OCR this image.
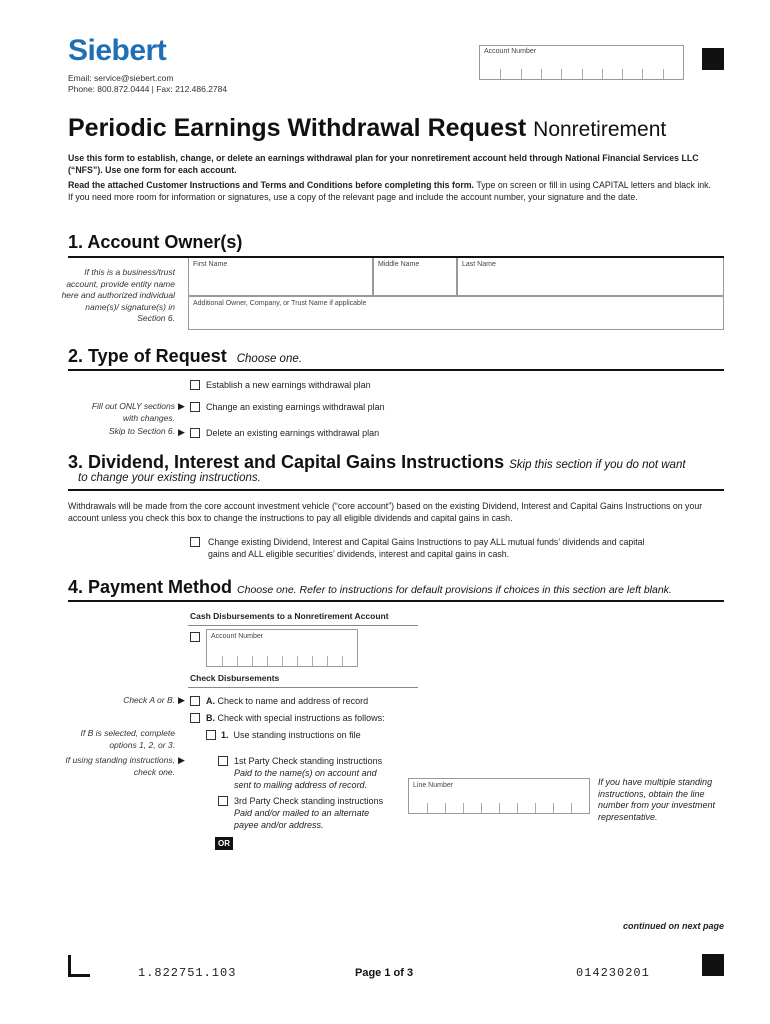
Siebert
Email: service@siebert.com
Phone: 800.872.0444 | Fax: 212.486.2784
Account Number
Periodic Earnings Withdrawal Request Nonretirement
Use this form to establish, change, or delete an earnings withdrawal plan for your nonretirement account held through National Financial Services LLC (“NFS”). Use one form for each account.
Read the attached Customer Instructions and Terms and Conditions before completing this form. Type on screen or fill in using CAPITAL letters and black ink. If you need more room for information or signatures, use a copy of the relevant page and include the account number, your signature and the date.
1. Account Owner(s)
If this is a business/trust account, provide entity name here and authorized individual name(s)/ signature(s) in Section 6.
First Name	Middle Name	Last Name
Additional Owner, Company, or Trust Name if applicable
2. Type of Request Choose one.
Establish a new earnings withdrawal plan
Fill out ONLY sections
with changes.
▶ Change an existing earnings withdrawal plan
Skip to Section 6. ▶ Delete an existing earnings withdrawal plan
3. Dividend, Interest and Capital Gains Instructions Skip this section if you do not want
to change your existing instructions.
Withdrawals will be made from the core account investment vehicle (“core account”) based on the existing Dividend, Interest and Capital Gains Instructions on your account unless you check this box to change the instructions to pay all eligible dividends and capital gains in cash.
Change existing Dividend, Interest and Capital Gains Instructions to pay ALL mutual funds’ dividends and capital
gains and ALL eligible securities’ dividends, interest and capital gains in cash.
4. Payment Method Choose one. Refer to instructions for default provisions if choices in this section are left blank.
Cash Disbursements to a Nonretirement Account
Account Number
Check Disbursements
Check A or B. ▶ A. Check to name and address of record
B. Check with special instructions as follows:
If B is selected, complete options 1, 2, or 3.
1. Use standing instructions on file
If using standing instructions, check one.
▶	1st Party Check standing instructions
Paid to the name(s) on account and
sent to mailing address of record.
3rd Party Check standing instructions
Paid and/or mailed to an alternate
payee and/or address.
Line Number	If you have multiple standing instructions, obtain the line number from your investment representative.
OR
continued on next page
1.822751.103	Page 1 of 3	014230201
